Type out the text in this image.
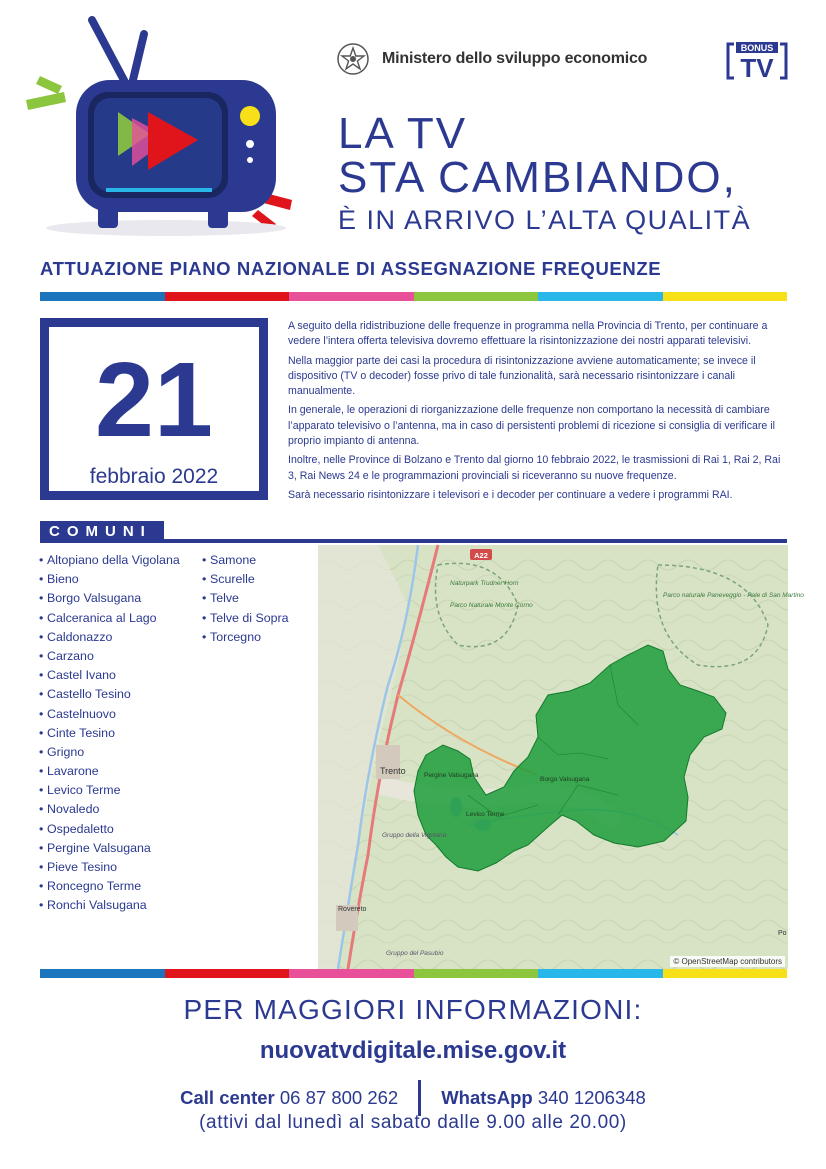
Ministero dello sviluppo economico
BONUS
TV
LA TV
STA CAMBIANDO,
È IN ARRIVO L’ALTA QUALITÀ
ATTUAZIONE PIANO NAZIONALE DI ASSEGNAZIONE FREQUENZE
21
febbraio 2022

A seguito della ridistribuzione delle frequenze in programma nella Provincia di Trento, per continuare a vedere l’intera offerta televisiva dovremo effettuare la risintonizzazione dei nostri apparati televisivi.

Nella maggior parte dei casi la procedura di risintonizzazione avviene automaticamente; se invece il dispositivo (TV o decoder) fosse privo di tale funzionalità, sarà necessario risintonizzare i canali manualmente.

In generale, le operazioni di riorganizzazione delle frequenze non comportano la necessità di cambiare l’apparato televisivo o l’antenna, ma in caso di persistenti problemi di ricezione si consiglia di verificare il proprio impianto di antenna.

Inoltre, nelle Province di Bolzano e Trento dal giorno 10 febbraio 2022, le trasmissioni di Rai 1, Rai 2, Rai 3, Rai News 24 e le programmazioni provinciali si riceveranno su nuove frequenze.

Sarà necessario risintonizzare i televisori e i decoder per continuare a vedere i programmi RAI.

COMUNI
• Altopiano della Vigolana
• Bieno
• Borgo Valsugana
• Calceranica al Lago
• Caldonazzo
• Carzano
• Castel Ivano
• Castello Tesino
• Castelnuovo
• Cinte Tesino
• Grigno
• Lavarone
• Levico Terme
• Novaledo
• Ospedaletto
• Pergine Valsugana
• Pieve Tesino
• Roncegno Terme
• Ronchi Valsugana
• Samone
• Scurelle
• Telve
• Telve di Sopra
• Torcegno
A22
Trento	Pergine Valsugana
Borgo Valsugana
Levico Terme
Rovereto
Naturpark Trudner Horn
Parco Naturale Monte Corno
Parco naturale Paneveggio - Pale di San Martino
Gruppo della Vigolana
Gruppo del Pasubio
Po
© OpenStreetMap contributors
PER MAGGIORI INFORMAZIONI:
nuovatvdigitale.mise.gov.it
Call center 06 87 800 262 WhatsApp 340 1206348
(attivi dal lunedì al sabato dalle 9.00 alle 20.00)
